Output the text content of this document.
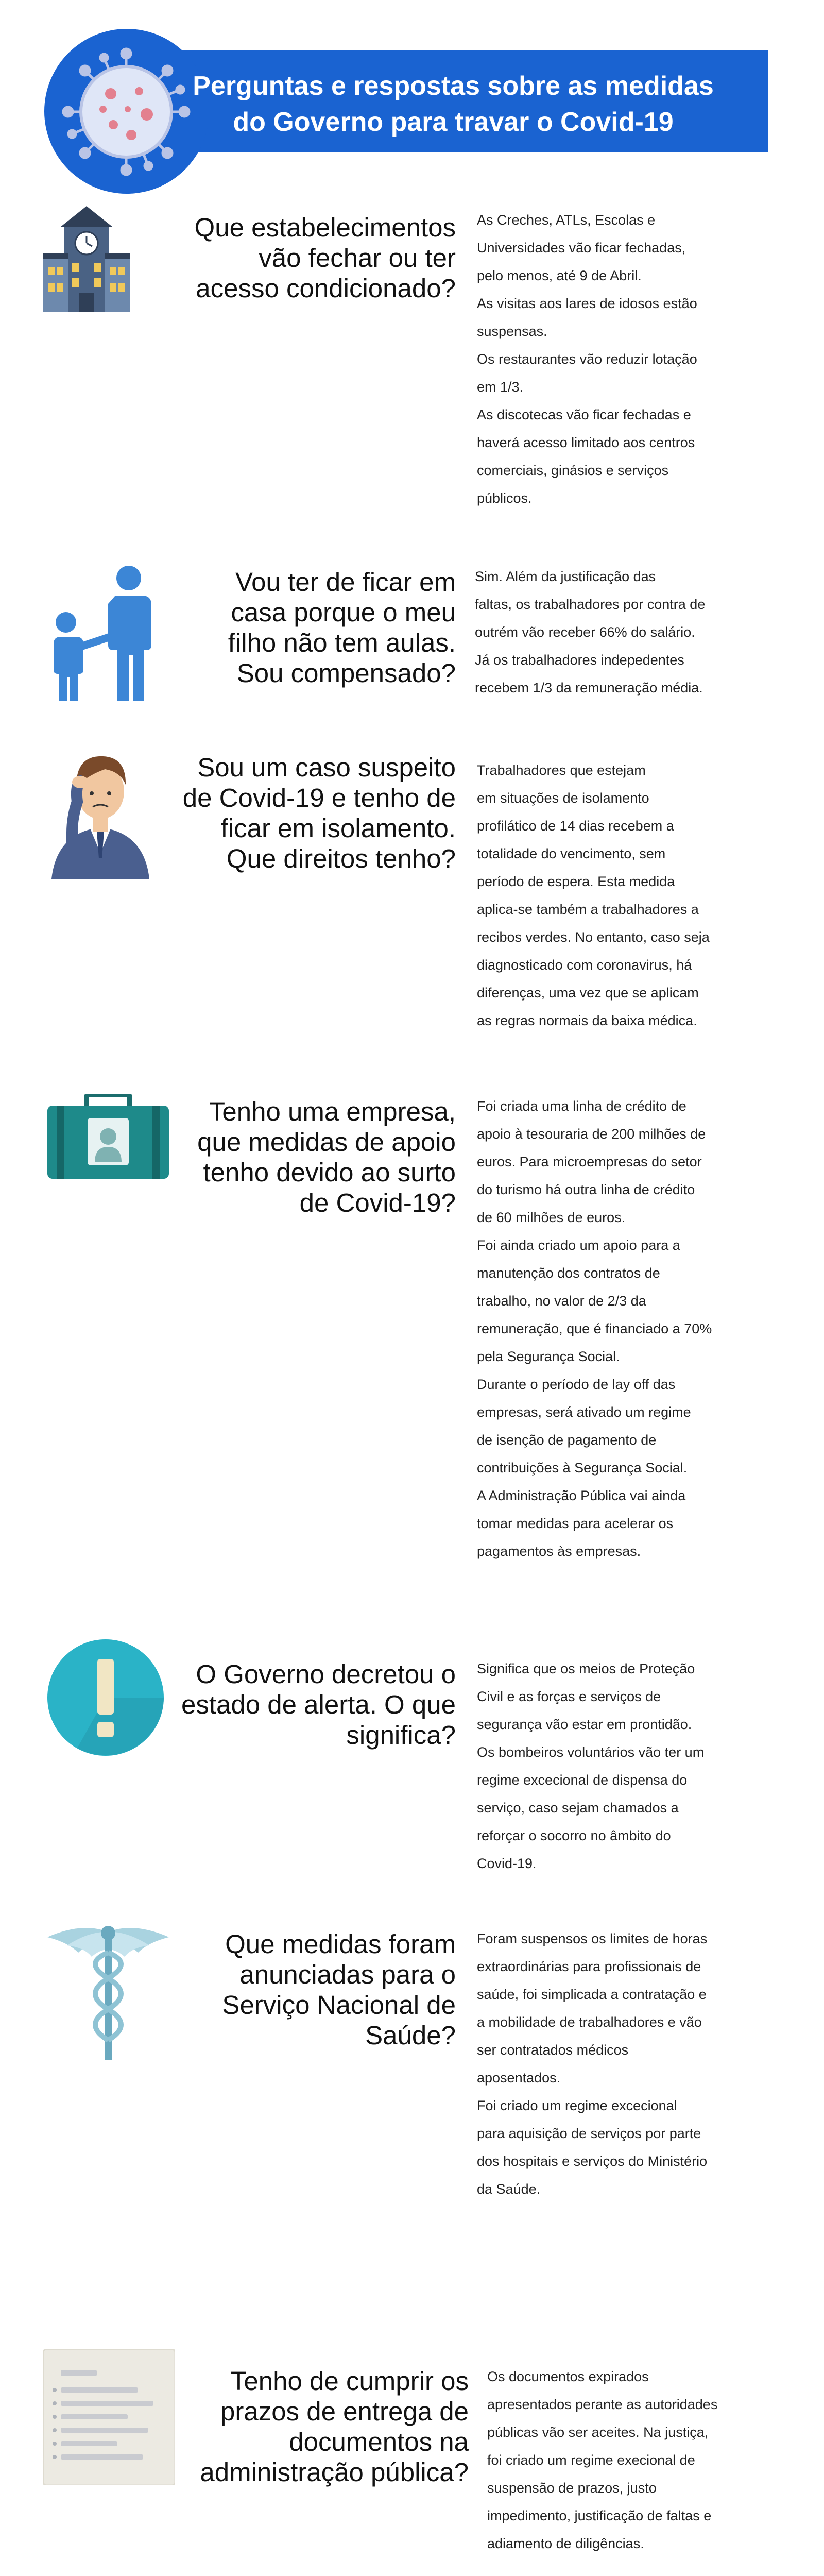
Perguntas e respostas sobre as medidas
do Governo para travar o Covid-19
Que estabelecimentos
vão fechar ou ter
acesso condicionado?
As Creches, ATLs, Escolas e
Universidades vão ficar fechadas,
pelo menos, até 9 de Abril.
As visitas aos lares de idosos estão
suspensas.
Os restaurantes vão reduzir lotação
em 1/3.
As discotecas vão ficar fechadas e
haverá acesso limitado aos centros
comerciais, ginásios e serviços
públicos.
Vou ter de ficar em
casa porque o meu
filho não tem aulas.
Sou compensado?
Sim. Além da justificação das
faltas, os trabalhadores por contra de
outrém vão receber 66% do salário.
Já os trabalhadores indepedentes
recebem 1/3 da remuneração média.
Sou um caso suspeito
de Covid-19 e tenho de
ficar em isolamento.
Que direitos tenho?
Trabalhadores que estejam
em situações de isolamento
profilático de 14 dias recebem a
totalidade do vencimento, sem
período de espera. Esta medida
aplica-se também a trabalhadores a
recibos verdes. No entanto, caso seja
diagnosticado com coronavirus, há
diferenças, uma vez que se aplicam
as regras normais da baixa médica.
Tenho uma empresa,
que medidas de apoio
tenho devido ao surto
de Covid-19?
Foi criada uma linha de crédito de
apoio à tesouraria de 200 milhões de
euros. Para microempresas do setor
do turismo há outra linha de crédito
de 60 milhões de euros.
Foi ainda criado um apoio para a
manutenção dos contratos de
trabalho, no valor de 2/3 da
remuneração, que é financiado a 70%
pela Segurança Social.
Durante o período de lay off das
empresas, será ativado um regime
de isenção de pagamento de
contribuições à Segurança Social.
A Administração Pública vai ainda
tomar medidas para acelerar os
pagamentos às empresas.
O Governo decretou o
estado de alerta. O que
significa?
Significa que os meios de Proteção
Civil e as forças e serviços de
segurança vão estar em prontidão.
Os bombeiros voluntários vão ter um
regime excecional de dispensa do
serviço, caso sejam chamados a
reforçar o socorro no âmbito do
Covid-19.
Que medidas foram
anunciadas para o
Serviço Nacional de
Saúde?
Foram suspensos os limites de horas
extraordinárias para profissionais de
saúde, foi simplicada a contratação e
a mobilidade de trabalhadores e vão
ser contratados médicos
aposentados.
Foi criado um regime excecional
para aquisição de serviços por parte
dos hospitais e serviços do Ministério
da Saúde.
Tenho de cumprir os
prazos de entrega de
documentos na
administração pública?
Os documentos expirados
apresentados perante as autoridades
públicas vão ser aceites. Na justiça,
foi criado um regime execional de
suspensão de prazos, justo
impedimento, justificação de faltas e
adiamento de diligências.
